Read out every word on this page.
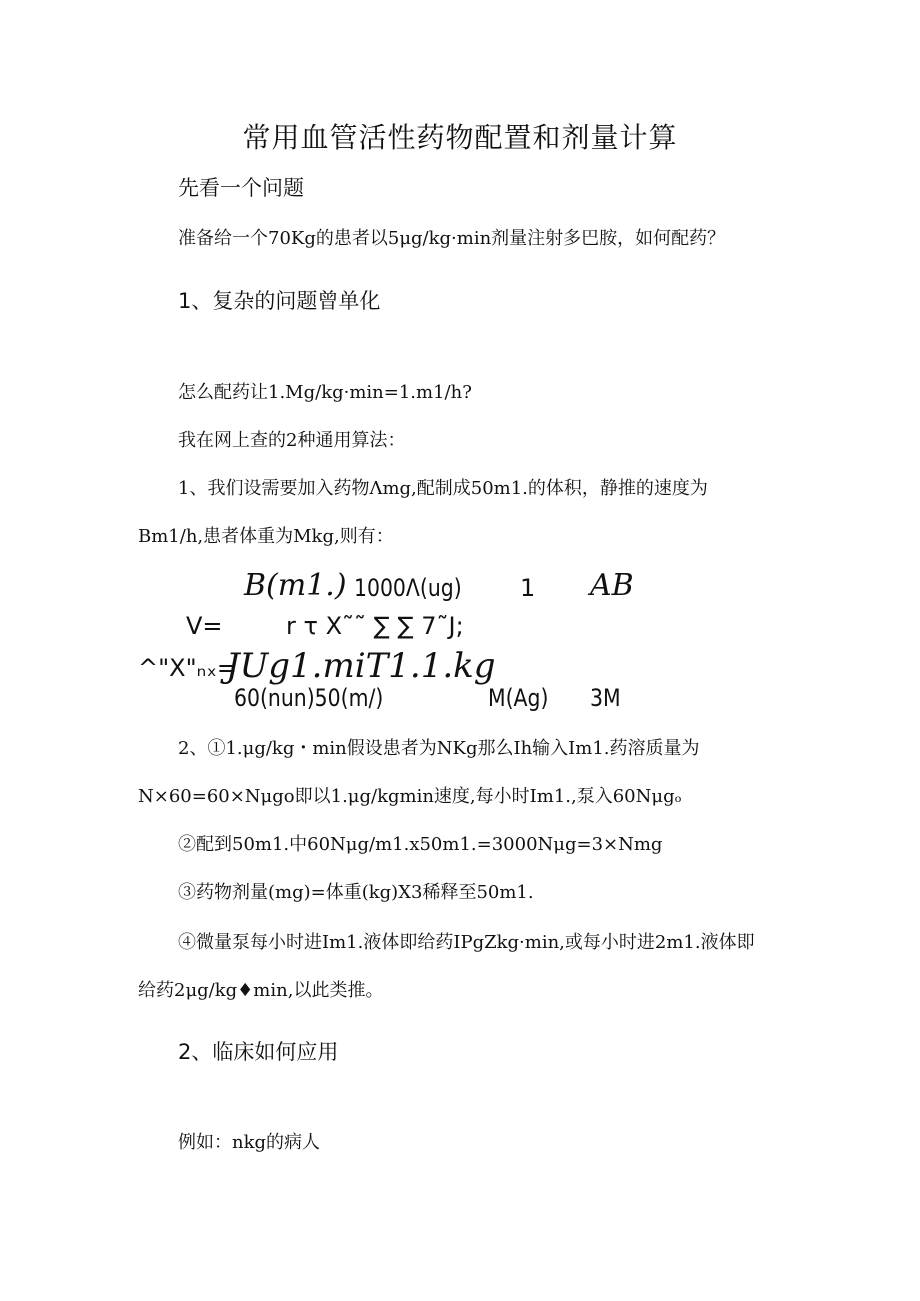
常用血管活性药物配置和剂量计算
先看一个问题
准备给一个70Kg的患者以5μg/kg·min剂量注射多巴胺，如何配药？
1、复杂的问题曾单化
怎么配药让1.Mg/kg·min=1.m1/h?
我在网上查的2种通用算法：
1、我们设需要加入药物Λmg,配制成50m1.的体积，静推的速度为
Bm1/h,患者体重为Mkg,则有：
B(m1.) 1000Λ(ug) 1 AB
V=	r τ X˜˜ ∑ ∑ 7˜J;
^"X"ₙₓ=
JUg1.miT1.1.kg
60(nun)50(m/)	M(Ag) 3M
2、①1.μg/kg・min假设患者为NKg那么Ih输入Im1.药溶质量为
N×60=60×Nμgo即以1.μg/kgmin速度,每小时Im1.,泵入60Nμgₒ
②配到50m1.中60Nμg/m1.x50m1.=3000Nμg=3×Nmg
③药物剂量(mg)=体重(kg)X3稀释至50m1.
④微量泵每小时进Im1.液体即给药IPgZkg·min,或每小时进2m1.液体即
给药2μg/kg♦min,以此类推。
2、临床如何应用
例如：nkg的病人
